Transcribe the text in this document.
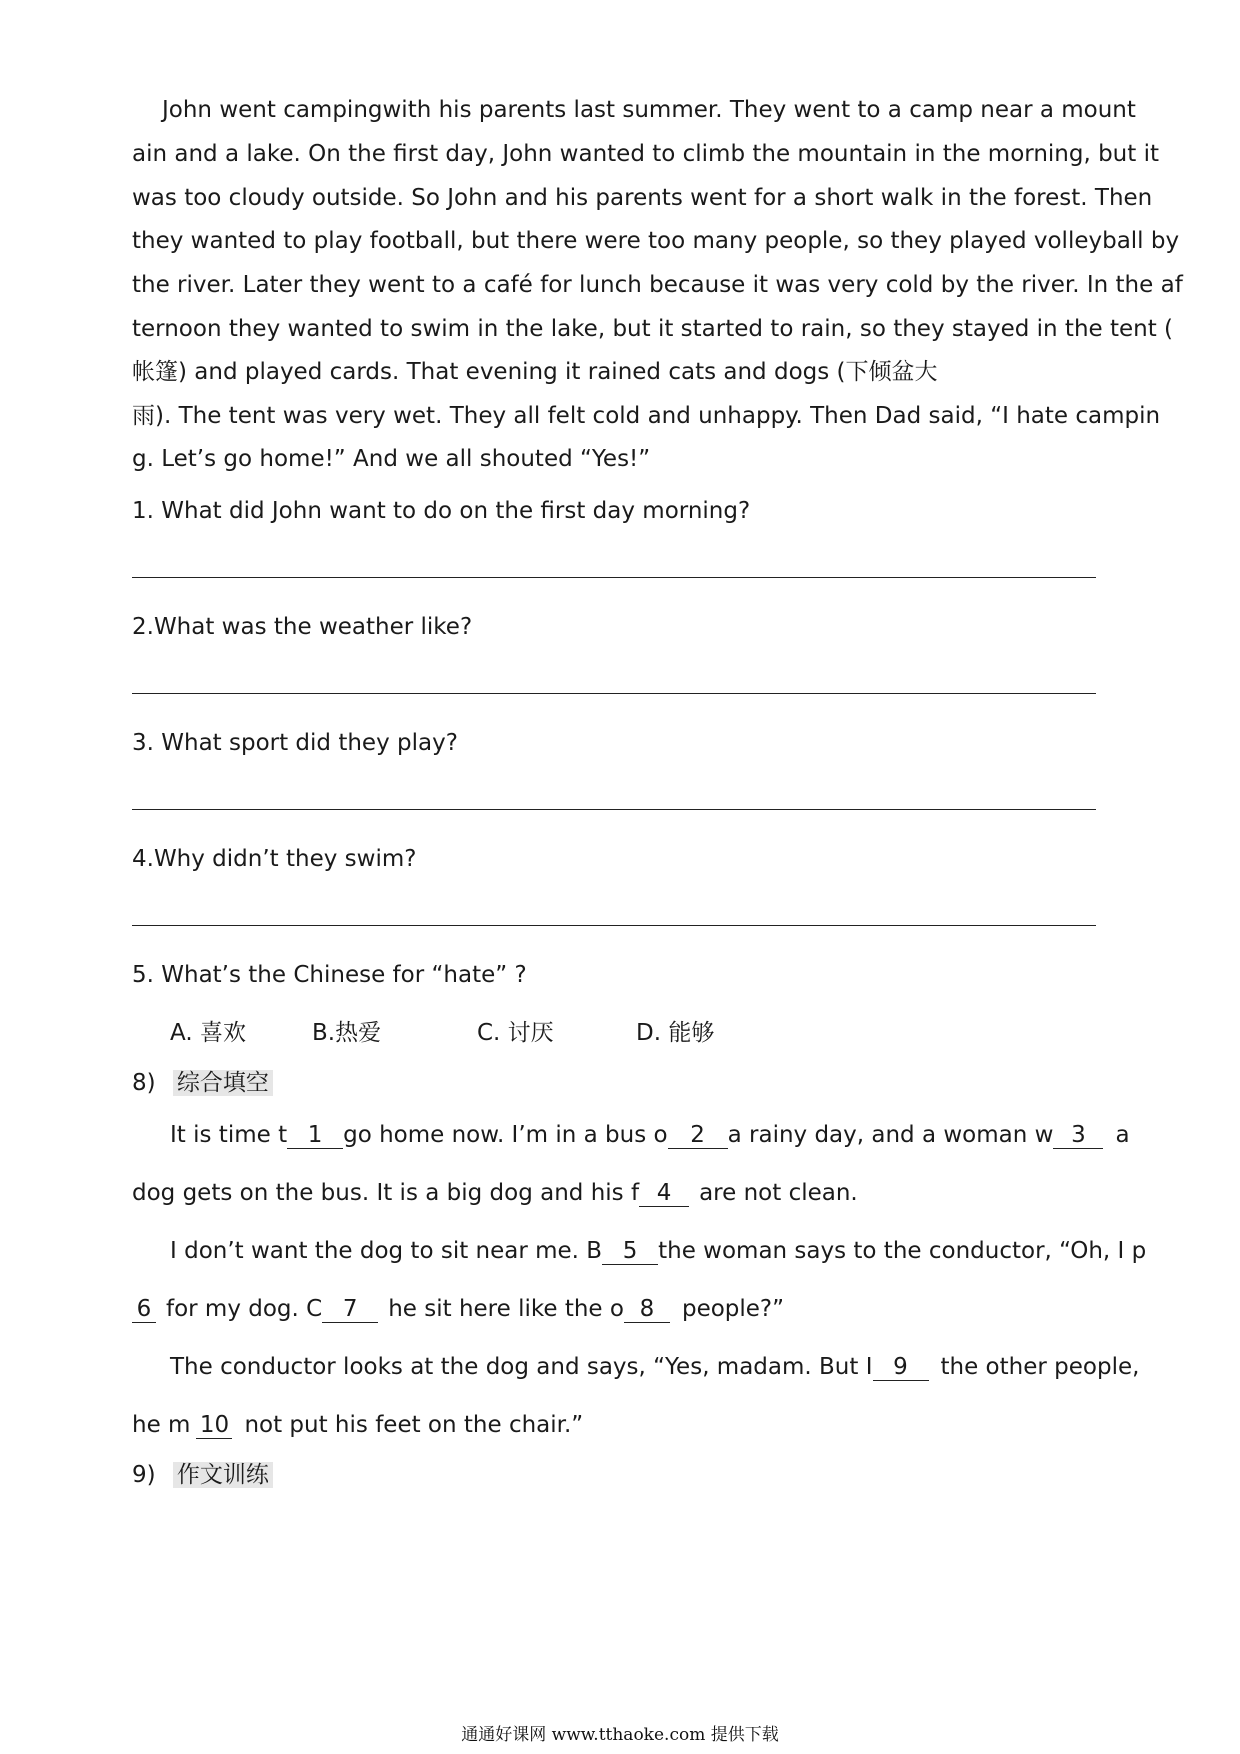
John went campingwith his parents last summer. They went to a camp near a mount
ain and a lake. On the first day, John wanted to climb the mountain in the morning, but it
was too cloudy outside. So John and his parents went for a short walk in the forest. Then
they wanted to play football, but there were too many people, so they played volleyball by
the river. Later they went to a café for lunch because it was very cold by the river. In the af
ternoon they wanted to swim in the lake, but it started to rain, so they stayed in the tent (
帐篷) and played cards. That evening it rained cats and dogs (下倾盆大
雨). The tent was very wet. They all felt cold and unhappy. Then Dad said, “I hate campin
g. Let’s go home!” And we all shouted “Yes!”
1. What did John want to do on the first day morning?
2.What was the weather like?
3. What sport did they play?
4.Why didn’t they swim?
5. What’s the Chinese for “hate” ?
A. 喜欢	B.热爱	C. 讨厌	D. 能够
8) 综合填空
It is time t 1 go home now. I’m in a bus o 2 a rainy day, and a woman w 3 a
dog gets on the bus. It is a big dog and his f 4 are not clean.
I don’t want the dog to sit near me. B 5 the woman says to the conductor, “Oh, I p
6 for my dog. C 7 he sit here like the o 8 people?”
The conductor looks at the dog and says, “Yes, madam. But I 9 the other people,
he m 10 not put his feet on the chair.”
9) 作文训练
通通好课网 www.tthaoke.com 提供下载
